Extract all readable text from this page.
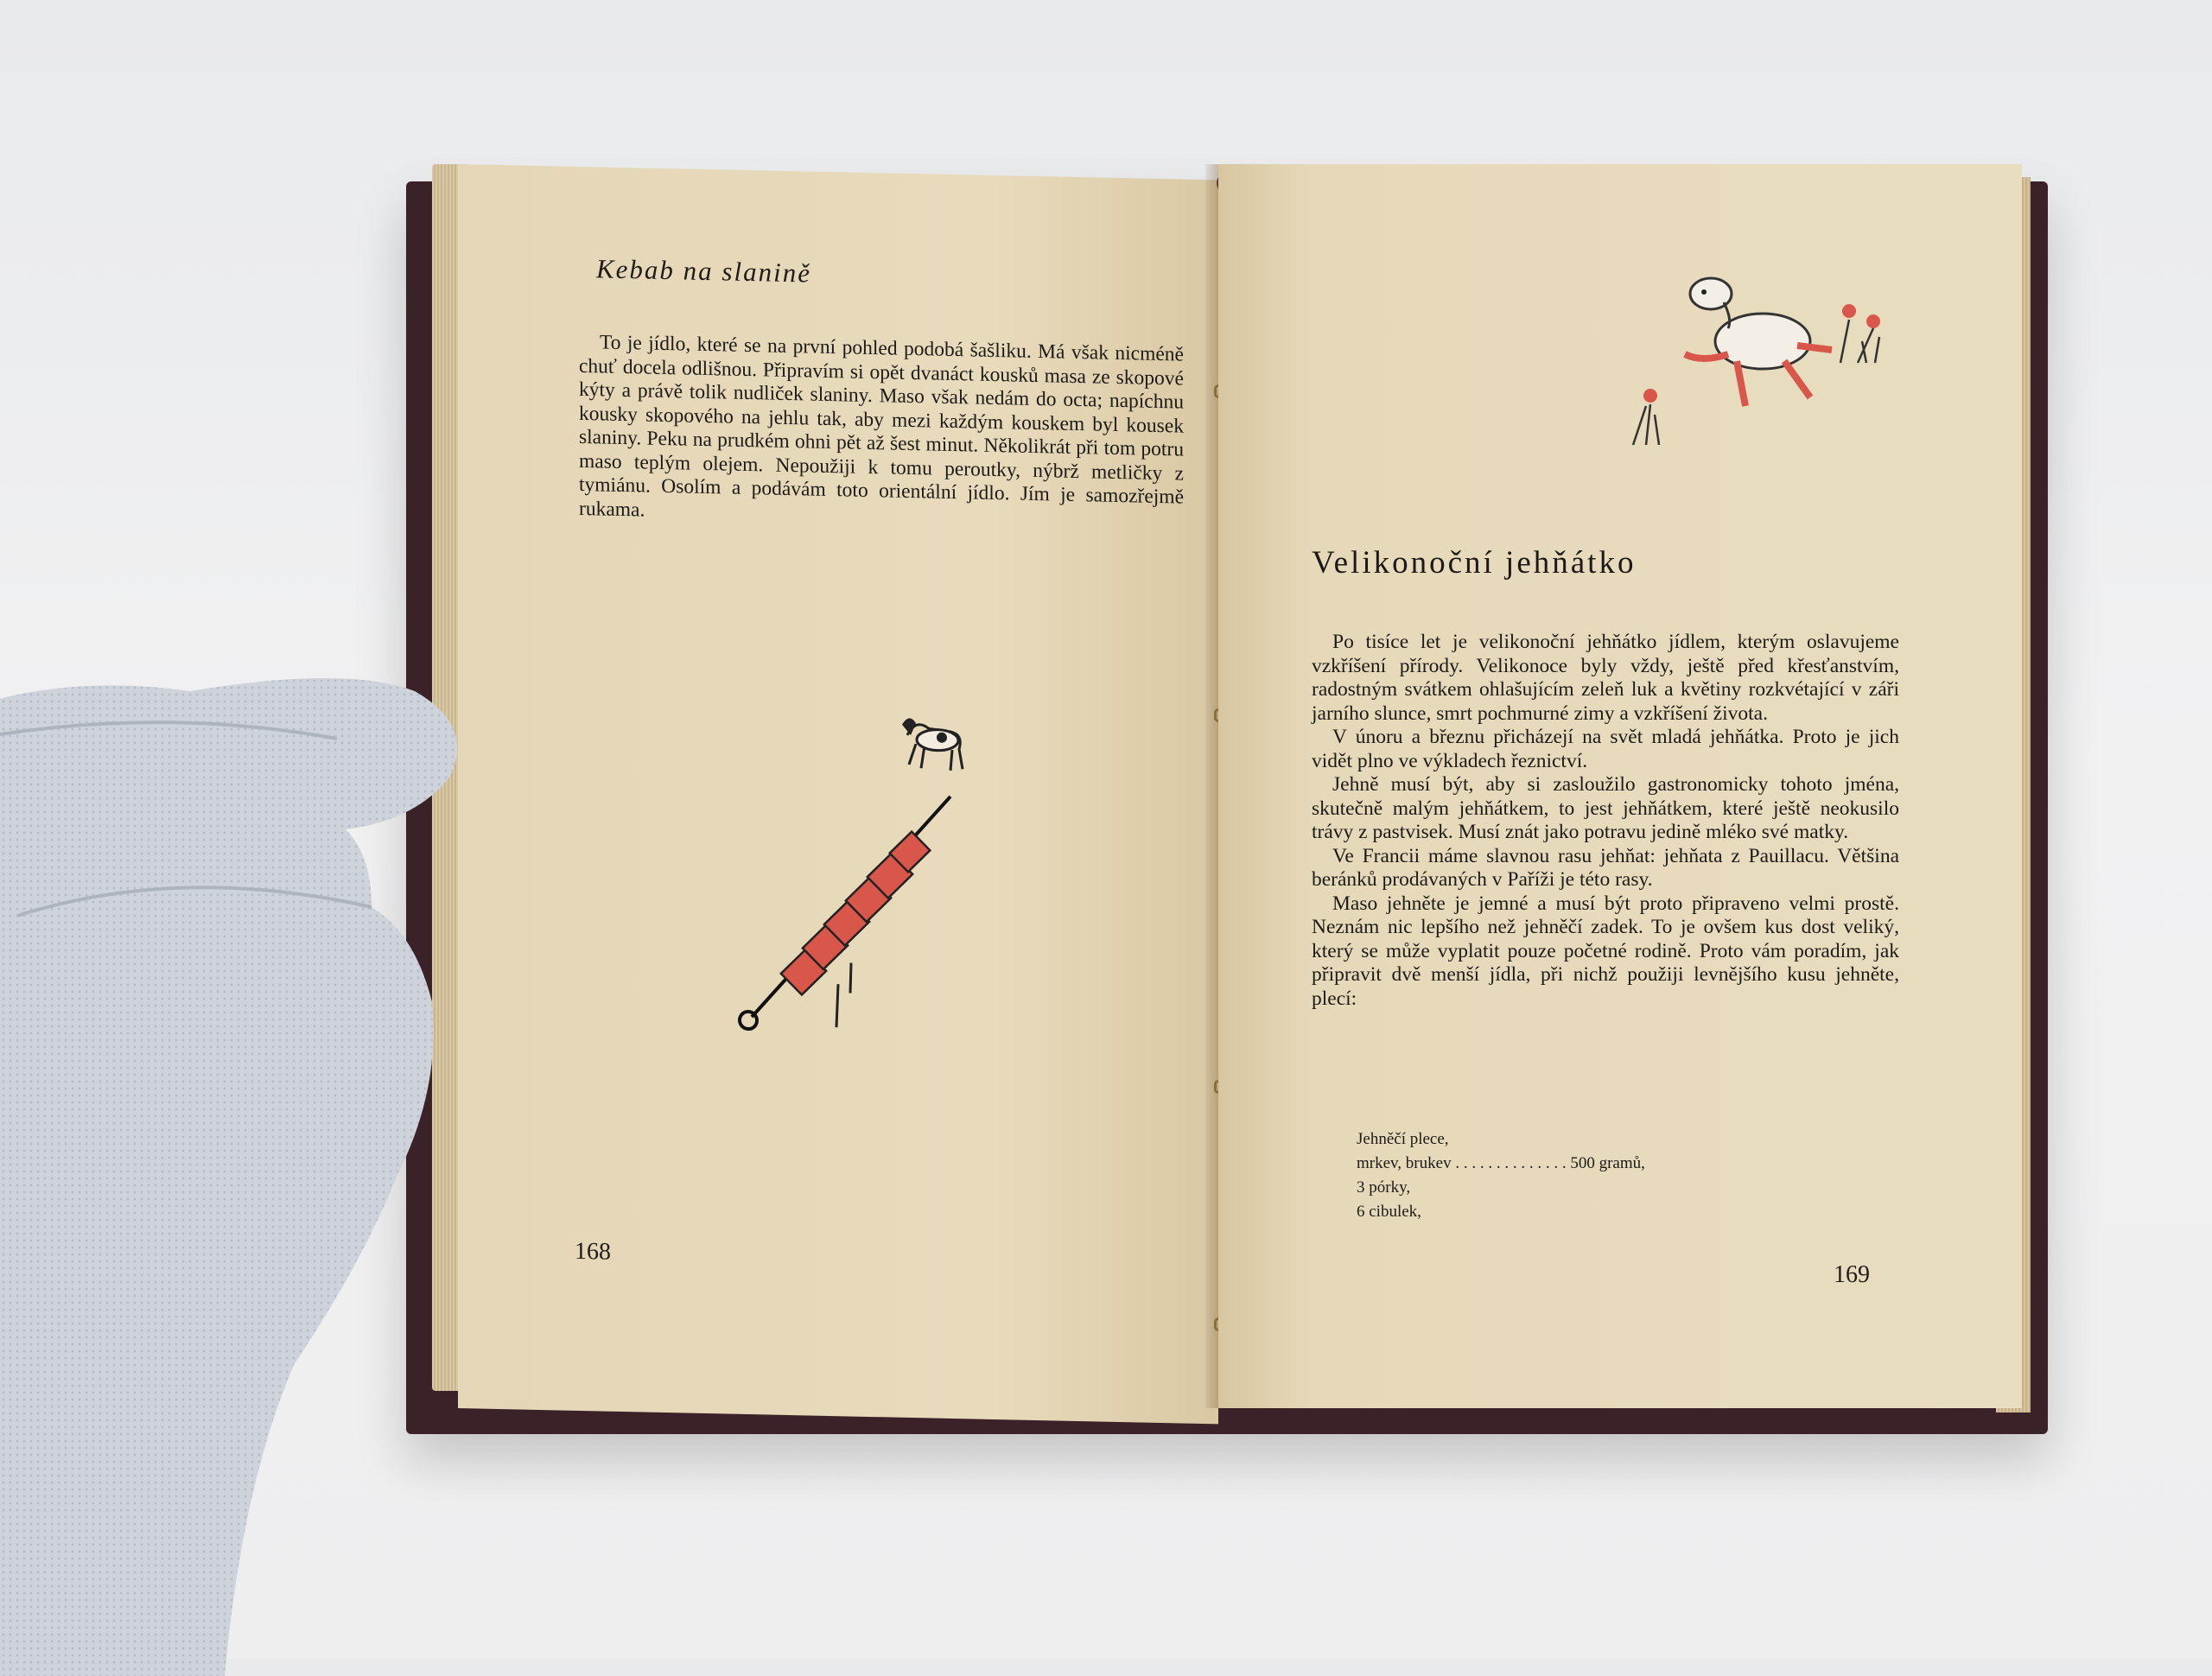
Kebab na slanině
To je jídlo, které se na první pohled podobá šašliku. Má však nicméně chuť docela odlišnou. Připravím si opět dvanáct kousků masa ze skopové kýty a právě tolik nudliček slaniny. Maso však nedám do octa; napíchnu kousky skopového na jehlu tak, aby mezi každým kouskem byl kousek slaniny. Peku na prudkém ohni pět až šest minut. Několikrát při tom potru maso teplým olejem. Nepoužiji k tomu peroutky, nýbrž metličky z tymiánu. Osolím a podávám toto orientální jídlo. Jím je samozřejmě rukama.
168
Velikonoční jehňátko
Po tisíce let je velikonoční jehňátko jídlem, kterým oslavujeme vzkříšení přírody. Velikonoce byly vždy, ještě před křesťanstvím, radostným svátkem ohlašujícím zeleň luk a květiny rozkvétající v záři jarního slunce, smrt pochmurné zimy a vzkříšení života.
V únoru a březnu přicházejí na svět mladá jehňátka. Proto je jich vidět plno ve výkladech řeznictví.
Jehně musí být, aby si zasloužilo gastronomicky tohoto jména, skutečně malým jehňátkem, to jest jehňátkem, které ještě neokusilo trávy z pastvisek. Musí znát jako potravu jedině mléko své matky.
Ve Francii máme slavnou rasu jehňat: jehňata z Pauillacu. Většina beránků prodávaných v Paříži je této rasy.
Maso jehněte je jemné a musí být proto připraveno velmi prostě. Neznám nic lepšího než jehněčí zadek. To je ovšem kus dost veliký, který se může vyplatit pouze početné rodině. Proto vám poradím, jak připravit dvě menší jídla, při nichž použiji levnějšího kusu jehněte, plecí:
Jehněčí plece,
mrkev, brukev . . . . . . . . . . . . . . 500 gramů,
3 pórky,
6 cibulek,
169
